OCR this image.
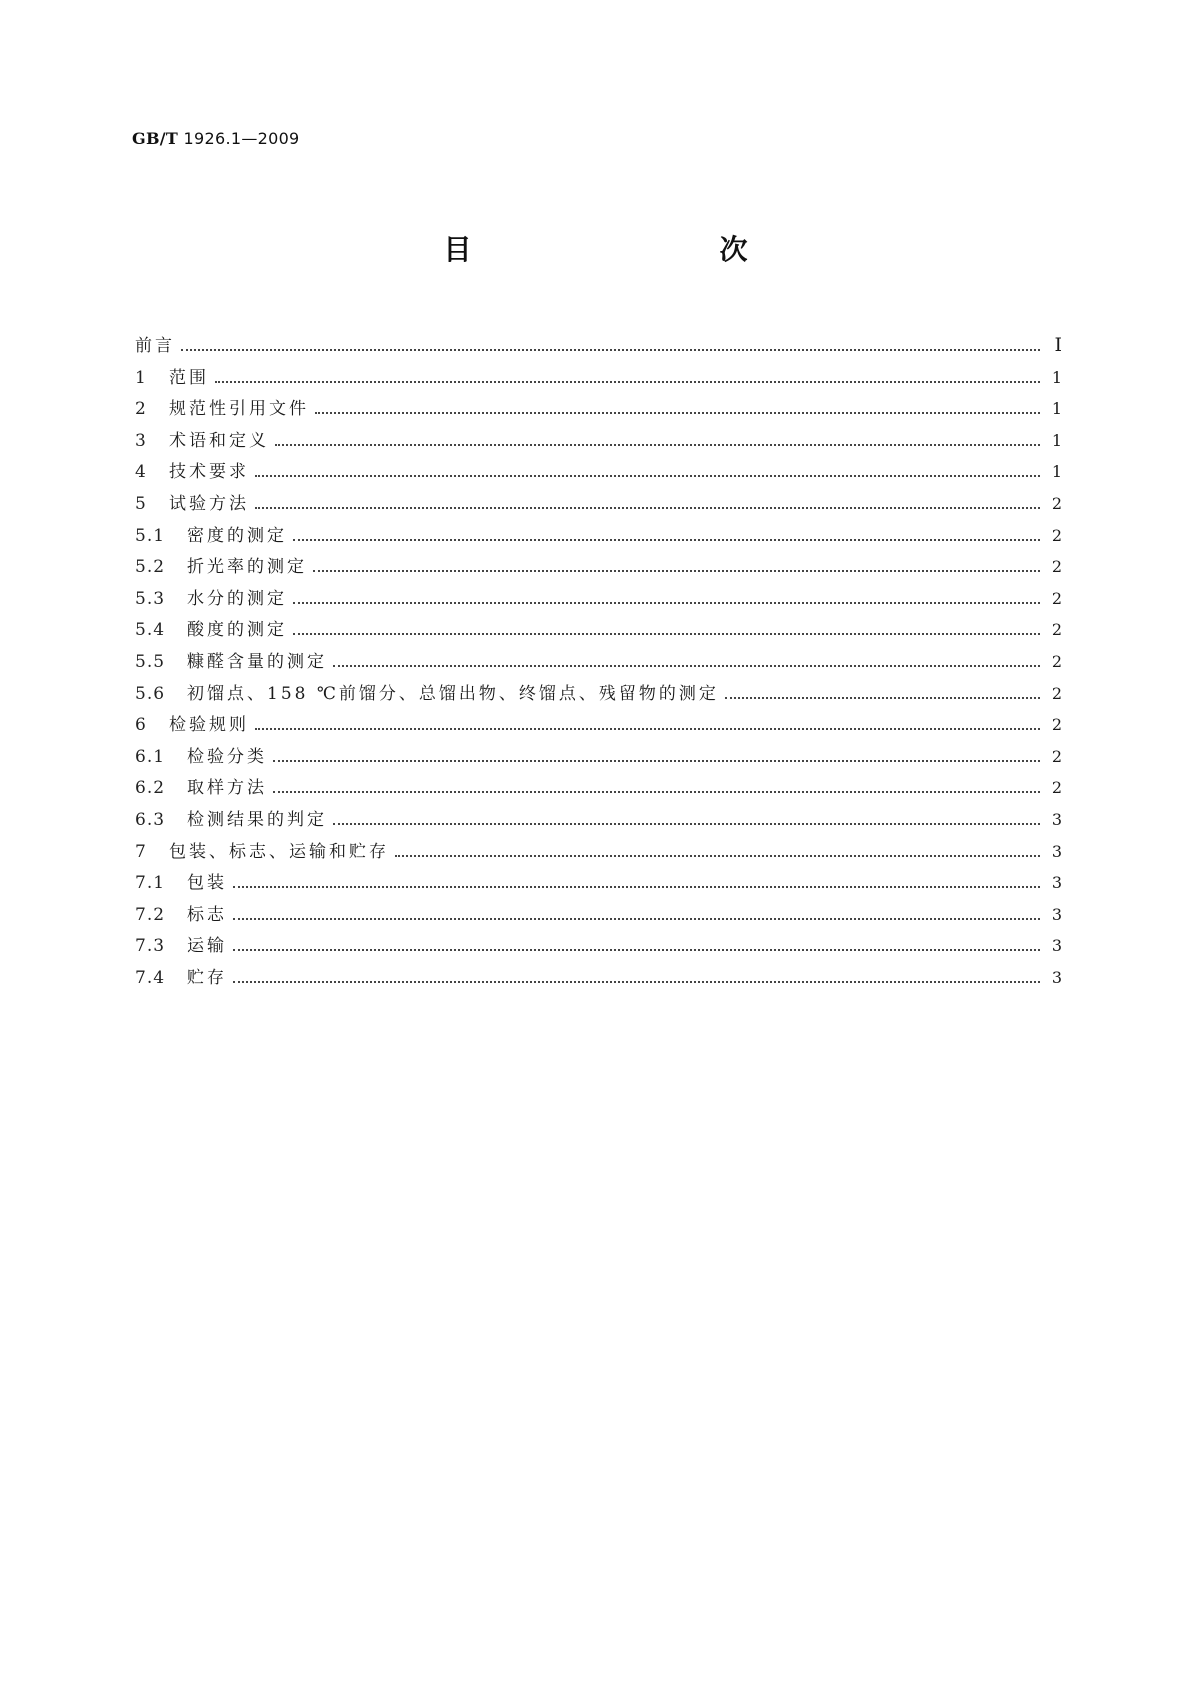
GB/T 1926.1—2009
目　　次
前言	Ⅰ
1	范围	1
2	规范性引用文件	1
3	术语和定义	1
4	技术要求	1
5	试验方法	2
5.1	密度的测定	2
5.2	折光率的测定	2
5.3	水分的测定	2
5.4	酸度的测定	2
5.5	糠醛含量的测定	2
5.6	初馏点、158 ℃前馏分、总馏出物、终馏点、残留物的测定	2
6	检验规则	2
6.1	检验分类	2
6.2	取样方法	2
6.3	检测结果的判定	3
7	包装、标志、运输和贮存	3
7.1	包装	3
7.2	标志	3
7.3	运输	3
7.4	贮存	3
